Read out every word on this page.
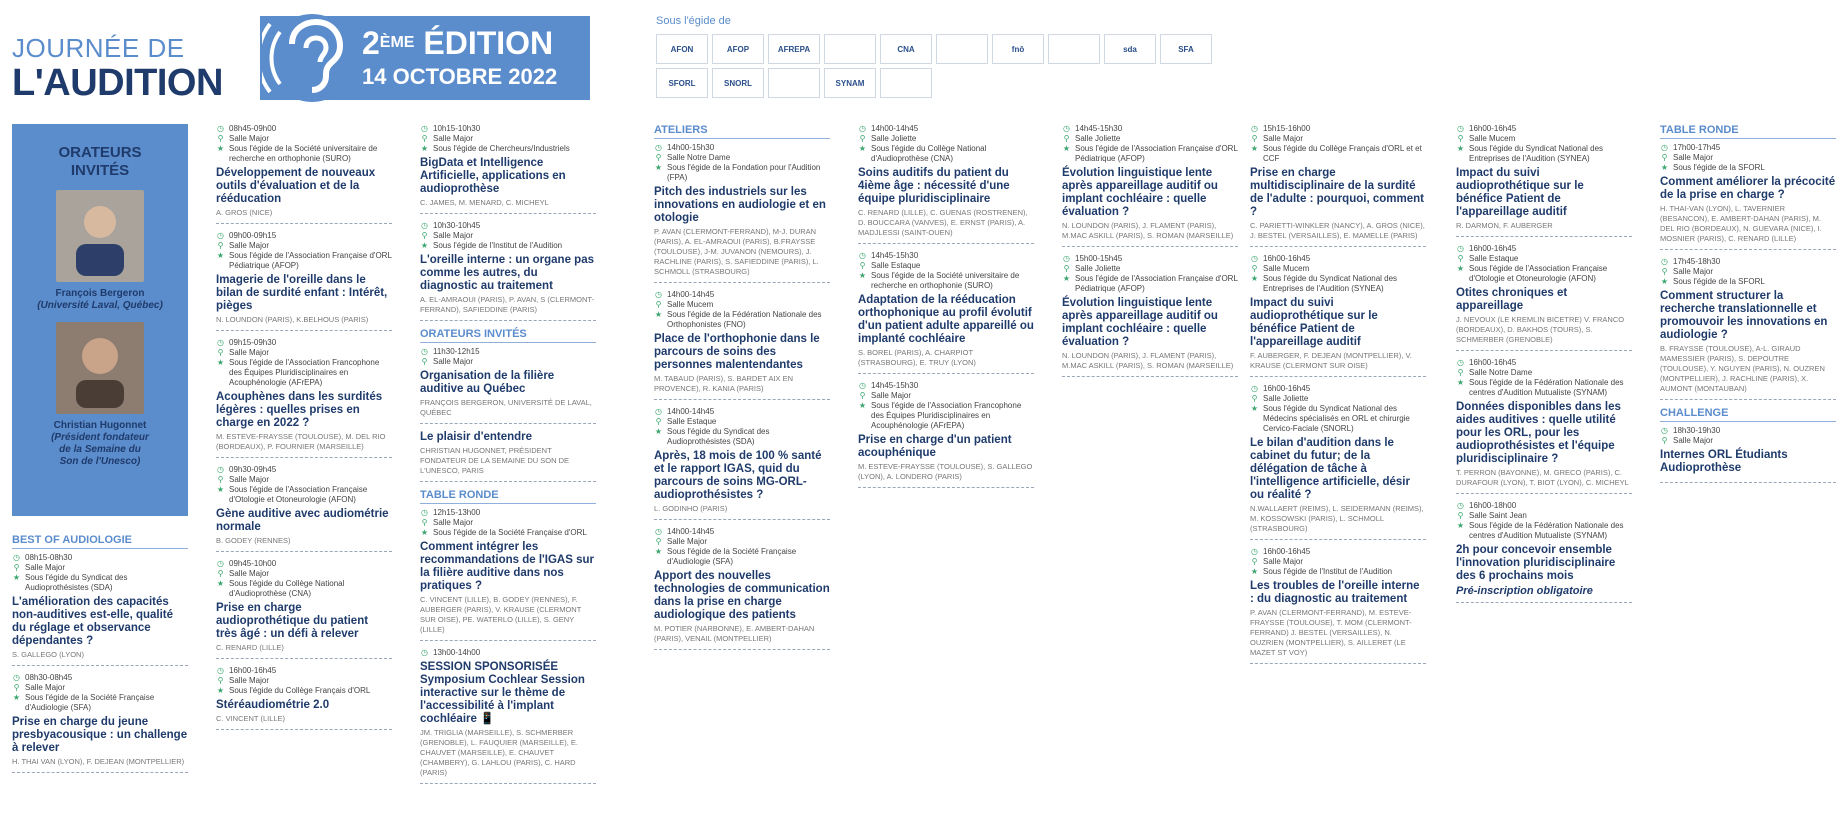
JOURNÉE DE
L'AUDITION
2ÈME ÉDITION
14 OCTOBRE 2022
Sous l'égide de
AFON	AFOP	AFREPA	CNA	fnô	sda	SFA
SFORL	SNORL	SYNAM
ORATEURS
INVITÉS
François Bergeron
(Université Laval, Québec)
Christian Hugonnet
(Président fondateur
de la Semaine du
Son de l'Unesco)
BEST OF AUDIOLOGIE
◷ 08h15-08h30
⚲ Salle Major
★ Sous l'égide du Syndicat des Audioprothésistes (SDA)
L'amélioration des capacités non-auditives est-elle, qualité du réglage et observance dépendantes ?
S. GALLEGO (LYON)
◷ 08h30-08h45
⚲ Salle Major
★ Sous l'égide de la Société Française d'Audiologie (SFA)
Prise en charge du jeune presbyacousique : un challenge à relever
H. THAI VAN (LYON), F. DEJEAN (MONTPELLIER)
◷ 08h45-09h00
⚲ Salle Major
★ Sous l'égide de la Société universitaire de recherche en orthophonie (SURO)
Développement de nouveaux outils d'évaluation et de la rééducation
A. GROS (NICE)
◷ 09h00-09h15
⚲ Salle Major
★ Sous l'égide de l'Association Française d'ORL Pédiatrique (AFOP)
Imagerie de l'oreille dans le bilan de surdité enfant : Intérêt, pièges
N. LOUNDON (PARIS), K.BELHOUS (PARIS)
◷ 09h15-09h30
⚲ Salle Major
★ Sous l'égide de l'Association Francophone des Équipes Pluridisciplinaires en Acouphénologie (AFrEPA)
Acouphènes dans les surdités légères : quelles prises en charge en 2022 ?
M. ESTEVE-FRAYSSE (TOULOUSE), M. DEL RIO (BORDEAUX), P. FOURNIER (MARSEILLE)
◷ 09h30-09h45
⚲ Salle Major
★ Sous l'égide de l'Association Française d'Otologie et Otoneurologie (AFON)
Gène auditive avec audiométrie normale
B. GODEY (RENNES)
◷ 09h45-10h00
⚲ Salle Major
★ Sous l'égide du Collège National d'Audioprothèse (CNA)
Prise en charge audioprothétique du patient très âgé : un défi à relever
C. RENARD (LILLE)
◷ 16h00-16h45
⚲ Salle Major
★ Sous l'égide du Collège Français d'ORL
Stéréaudiométrie 2.0
C. VINCENT (LILLE)
◷ 10h15-10h30
⚲ Salle Major
★ Sous l'égide de Chercheurs/Industriels
BigData et Intelligence Artificielle, applications en audioprothèse
C. JAMES, M. MENARD, C. MICHEYL
◷ 10h30-10h45
⚲ Salle Major
★ Sous l'égide de l'Institut de l'Audition
L'oreille interne : un organe pas comme les autres, du diagnostic au traitement
A. EL-AMRAOUI (PARIS), P. AVAN, S (CLERMONT-FERRAND), SAFIEDDINE (PARIS)
ORATEURS INVITÉS
◷ 11h30-12h15
⚲ Salle Major
Organisation de la filière auditive au Québec
FRANÇOIS BERGERON, UNIVERSITÉ DE LAVAL, QUÉBEC
Le plaisir d'entendre
CHRISTIAN HUGONNET, PRÉSIDENT FONDATEUR DE LA SEMAINE DU SON DE L'UNESCO, PARIS
TABLE RONDE
◷ 12h15-13h00
⚲ Salle Major
★ Sous l'égide de la Société Française d'ORL
Comment intégrer les recommandations de l'IGAS sur la filière auditive dans nos pratiques ?
C. VINCENT (LILLE), B. GODEY (RENNES), F. AUBERGER (PARIS), V. KRAUSE (CLERMONT SUR OISE), PE. WATERLO (LILLE), S. GENY (LILLE)
◷ 13h00-14h00
SESSION SPONSORISÉE Symposium Cochlear Session interactive sur le thème de l'accessibilité à l'implant cochléaire 📱
JM. TRIGLIA (MARSEILLE), S. SCHMERBER (GRENOBLE), L. FAUQUIER (MARSEILLE), E. CHAUVET (MARSEILLE), E. CHAUVET (CHAMBERY), G. LAHLOU (PARIS), C. HARD (PARIS)
ATELIERS
◷ 14h00-15h30
⚲ Salle Notre Dame
★ Sous l'égide de la Fondation pour l'Audition (FPA)
Pitch des industriels sur les innovations en audiologie et en otologie
P. AVAN (CLERMONT-FERRAND), M-J. DURAN (PARIS), A. EL-AMRAOUI (PARIS), B.FRAYSSE (TOULOUSE), J-M. JUVANON (NEMOURS), J. RACHLINE (PARIS), S. SAFIEDDINE (PARIS), L. SCHMOLL (STRASBOURG)
◷ 14h00-14h45
⚲ Salle Mucem
★ Sous l'égide de la Fédération Nationale des Orthophonistes (FNO)
Place de l'orthophonie dans le parcours de soins des personnes malentendantes
M. TABAUD (PARIS), S. BARDET AIX EN PROVENCE), R. KANIA (PARIS)
◷ 14h00-14h45
⚲ Salle Estaque
★ Sous l'égide du Syndicat des Audioprothésistes (SDA)
Après, 18 mois de 100 % santé et le rapport IGAS, quid du parcours de soins MG-ORL-audioprothésistes ?
L. GODINHO (PARIS)
◷ 14h00-14h45
⚲ Salle Major
★ Sous l'égide de la Société Française d'Audiologie (SFA)
Apport des nouvelles technologies de communication dans la prise en charge audiologique des patients
M. POTIER (NARBONNE), E. AMBERT-DAHAN (PARIS), VENAIL (MONTPELLIER)
◷ 14h00-14h45
⚲ Salle Joliette
★ Sous l'égide du Collège National d'Audioprothèse (CNA)
Soins auditifs du patient du 4ième âge : nécessité d'une équipe pluridisciplinaire
C. RENARD (LILLE), C. GUENAS (ROSTRENEN), D. BOUCCARA (VANVES), E. ERNST (PARIS), A. MADJLESSI (SAINT-OUEN)
◷ 14h45-15h30
⚲ Salle Estaque
★ Sous l'égide de la Société universitaire de recherche en orthophonie (SURO)
Adaptation de la rééducation orthophonique au profil évolutif d'un patient adulte appareillé ou implanté cochléaire
S. BOREL (PARIS), A. CHARPIOT (STRASBOURG), E. TRUY (LYON)
◷ 14h45-15h30
⚲ Salle Major
★ Sous l'égide de l'Association Francophone des Équipes Pluridisciplinaires en Acouphénologie (AFrEPA)
Prise en charge d'un patient acouphénique
M. ESTEVE-FRAYSSE (TOULOUSE), S. GALLEGO (LYON), A. LONDERO (PARIS)
◷ 14h45-15h30
⚲ Salle Joliette
★ Sous l'égide de l'Association Française d'ORL Pédiatrique (AFOP)
Évolution linguistique lente après appareillage auditif ou implant cochléaire : quelle évaluation ?
N. LOUNDON (PARIS), J. FLAMENT (PARIS), M.MAC ASKILL (PARIS), S. ROMAN (MARSEILLE)
◷ 15h00-15h45
⚲ Salle Joliette
★ Sous l'égide de l'Association Française d'ORL Pédiatrique (AFOP)
Évolution linguistique lente après appareillage auditif ou implant cochléaire : quelle évaluation ?
N. LOUNDON (PARIS), J. FLAMENT (PARIS), M.MAC ASKILL (PARIS), S. ROMAN (MARSEILLE)
◷ 15h15-16h00
⚲ Salle Major
★ Sous l'égide du Collège Français d'ORL et et CCF
Prise en charge multidisciplinaire de la surdité de l'adulte : pourquoi, comment ?
C. PARIETTI-WINKLER (NANCY), A. GROS (NICE), J. BESTEL (VERSAILLES), E. MAMELLE (PARIS)
◷ 16h00-16h45
⚲ Salle Mucem
★ Sous l'égide du Syndicat National des Entreprises de l'Audition (SYNEA)
Impact du suivi audioprothétique sur le bénéfice Patient de l'appareillage auditif
F. AUBERGER, F. DEJEAN (MONTPELLIER), V. KRAUSE (CLERMONT SUR OISE)
◷ 16h00-16h45
⚲ Salle Joliette
★ Sous l'égide du Syndicat National des Médecins spécialisés en ORL et chirurgie Cervico-Faciale (SNORL)
Le bilan d'audition dans le cabinet du futur; de la délégation de tâche à l'intelligence artificielle, désir ou réalité ?
N.WALLAERT (REIMS), L. SEIDERMANN (REIMS), M. KOSSOWSKI (PARIS), L. SCHMOLL (STRASBOURG)
◷ 16h00-16h45
⚲ Salle Major
★ Sous l'égide de l'Institut de l'Audition
Les troubles de l'oreille interne : du diagnostic au traitement
P. AVAN (CLERMONT-FERRAND), M. ESTEVE-FRAYSSE (TOULOUSE), T. MOM (CLERMONT-FERRAND) J. BESTEL (VERSAILLES), N. OUZRIEN (MONTPELLIER), S. AILLERET (LE MAZET ST VOY)
◷ 16h00-16h45
⚲ Salle Mucem
★ Sous l'égide du Syndicat National des Entreprises de l'Audition (SYNEA)
Impact du suivi audioprothétique sur le bénéfice Patient de l'appareillage auditif
R. DARMON, F. AUBERGER
◷ 16h00-16h45
⚲ Salle Estaque
★ Sous l'égide de l'Association Française d'Otologie et Otoneurologie (AFON)
Otites chroniques et appareillage
J. NEVOUX (LE KREMLIN BICETRE) V. FRANCO (BORDEAUX), D. BAKHOS (TOURS), S. SCHMERBER (GRENOBLE)
◷ 16h00-16h45
⚲ Salle Notre Dame
★ Sous l'égide de la Fédération Nationale des centres d'Audition Mutualiste (SYNAM)
Données disponibles dans les aides auditives : quelle utilité pour les ORL, pour les audioprothésistes et l'équipe pluridisciplinaire ?
T. PERRON (BAYONNE), M. GRECO (PARIS), C. DURAFOUR (LYON), T. BIOT (LYON), C. MICHEYL
◷ 16h00-18h00
⚲ Salle Saint Jean
★ Sous l'égide de la Fédération Nationale des centres d'Audition Mutualiste (SYNAM)
2h pour concevoir ensemble l'innovation pluridisciplinaire des 6 prochains mois
Pré-inscription obligatoire
TABLE RONDE
◷ 17h00-17h45
⚲ Salle Major
★ Sous l'égide de la SFORL
Comment améliorer la précocité de la prise en charge ?
H. THAI-VAN (LYON), L. TAVERNIER (BESANCON), E. AMBERT-DAHAN (PARIS), M. DEL RIO (BORDEAUX), N. GUEVARA (NICE), I. MOSNIER (PARIS), C. RENARD (LILLE)
◷ 17h45-18h30
⚲ Salle Major
★ Sous l'égide de la SFORL
Comment structurer la recherche translationnelle et promouvoir les innovations en audiologie ?
B. FRAYSSE (TOULOUSE), A-L. GIRAUD MAMESSIER (PARIS), S. DEPOUTRE (TOULOUSE), Y. NGUYEN (PARIS), N. OUZREN (MONTPELLIER), J. RACHLINE (PARIS), X. AUMONT (MONTAUBAN)
CHALLENGE
◷ 18h30-19h30
⚲ Salle Major
Internes ORL Étudiants Audioprothèse
